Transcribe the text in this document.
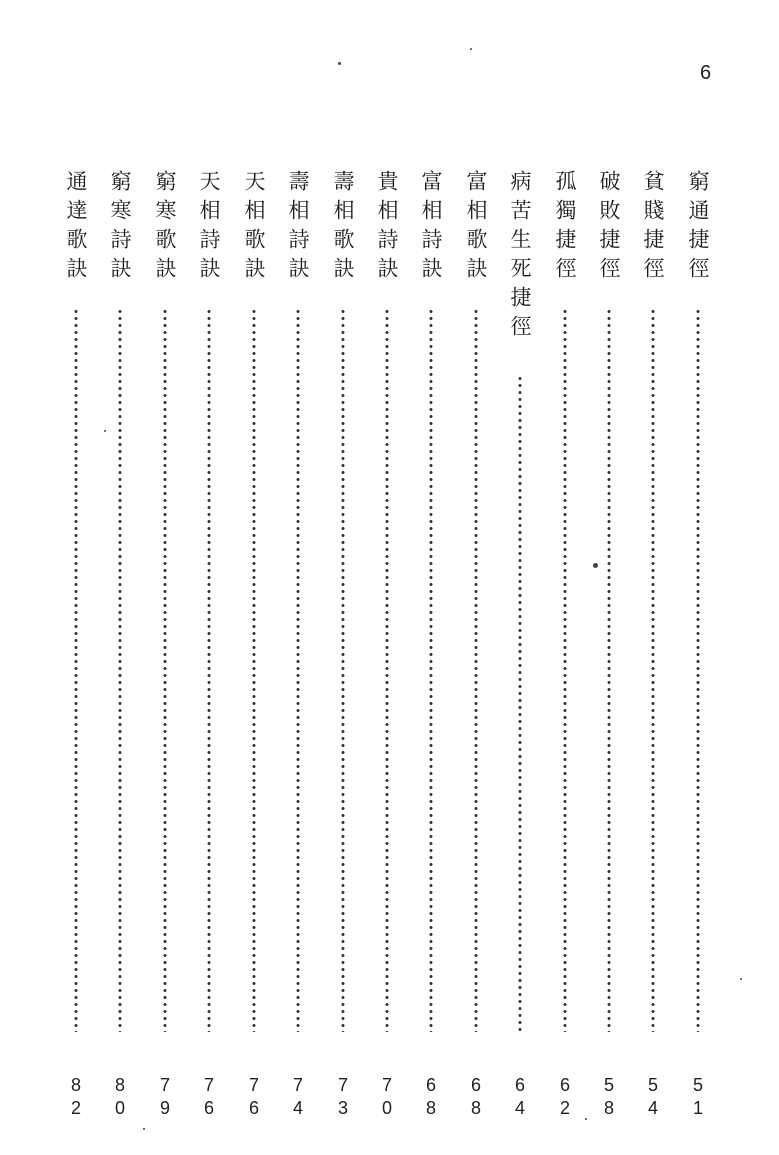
6
窮通捷徑
5
1
貧賤捷徑
5
4
破敗捷徑
5
8
孤獨捷徑
6
2
病苦生死捷徑
6
4
富相歌訣
6
8
富相詩訣
6
8
貴相詩訣
7
0
壽相歌訣
7
3
壽相詩訣
7
4
天相歌訣
7
6
天相詩訣
7
6
窮寒歌訣
7
9
窮寒詩訣
8
0
通達歌訣
8
2
